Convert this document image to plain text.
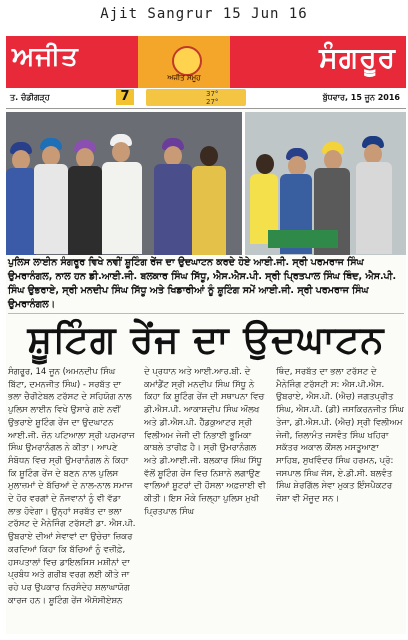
Ajit Sangrur 15 Jun 16
ਅਜੀਤ
ਅਜੀਤ ਸਮੂਹ
ਸੰਗਰੂਰ
ਤ. ਚੰਡੀਗੜ੍ਹ	7	37°
27°	ਬੁੱਧਵਾਰ, 15 ਜੂਨ 2016
ਪੁਲਿਸ ਲਾਈਨ ਸੰਗਰੂਰ ਵਿਖੇ ਨਵੀਂ ਸ਼ੂਟਿੰਗ ਰੇਂਜ ਦਾ ਉਦਘਾਟਨ ਕਰਦੇ ਹੋਏ ਆਈ.ਜੀ. ਸ੍ਰੀ ਪਰਮਰਾਜ ਸਿੰਘ ਉਮਰਾਨੰਗਲ, ਨਾਲ ਹਨ ਡੀ.ਆਈ.ਜੀ. ਬਲਕਾਰ ਸਿੰਘ ਸਿੱਧੂ, ਐਸ.ਐਸ.ਪੀ. ਸ੍ਰੀ ਪ੍ਰਿਤਪਾਲ ਸਿੰਘ ਥਿੰਦ, ਐਸ.ਪੀ. ਸਿੰਘ ਉਭਰਾਏ, ਸ੍ਰੀ ਮਨਦੀਪ ਸਿੰਘ ਸਿੱਧੂ ਅਤੇ ਖਿਡਾਰੀਆਂ ਨੂੰ ਸ਼ੂਟਿੰਗ ਸਮੇਂ ਆਈ.ਜੀ. ਸ੍ਰੀ ਪਰਮਰਾਜ ਸਿੰਘ ਉਮਰਾਨੰਗਲ।
ਸ਼ੂਟਿੰਗ ਰੇਂਜ ਦਾ ਉਦਘਾਟਨ
ਸੰਗਰੂਰ, 14 ਜੂਨ (ਅਮਨਦੀਪ ਸਿੰਘ ਬਿੱਟਾ, ਦਮਨਜੀਤ ਸਿੰਘ) - ਸਰਬੱਤ ਦਾ ਭਲਾ ਚੈਰੀਟੇਬਲ ਟਰੱਸਟ ਦੇ ਸਹਿਯੋਗ ਨਾਲ ਪੁਲਿਸ ਲਾਈਨ ਵਿਖੇ ਉਸਾਰੇ ਗਏ ਨਵੀਂ ਉਭਰਾਏ ਸ਼ੂਟਿੰਗ ਰੇਂਜ ਦਾ ਉਦਘਾਟਨ ਆਈ.ਜੀ. ਜ਼ੋਨ ਪਟਿਆਲਾ ਸ੍ਰੀ ਪਰਮਰਾਜ ਸਿੰਘ ਉਮਰਾਨੰਗਲ ਨੇ ਕੀਤਾ। ਆਪਣੇ ਸੰਬੋਧਨ ਵਿਚ ਸ੍ਰੀ ਉਮਰਾਨੰਗਲ ਨੇ ਕਿਹਾ ਕਿ ਸ਼ੂਟਿੰਗ ਰੇਂਜ ਦੇ ਬਣਨ ਨਾਲ ਪੁਲਿਸ ਮੁਲਾਜ਼ਮਾਂ ਦੇ ਬੱਚਿਆਂ ਦੇ ਨਾਲ-ਨਾਲ ਸਮਾਜ ਦੇ ਹੋਰ ਵਰਗਾਂ ਦੇ ਨੌਜਵਾਨਾਂ ਨੂੰ ਵੀ ਵੱਡਾ ਲਾਭ ਹੋਵੇਗਾ। ਉਨ੍ਹਾਂ ਸਰਬੱਤ ਦਾ ਭਲਾ ਟਰੱਸਟ ਦੇ ਮੈਨੇਜਿੰਗ ਟਰੱਸਟੀ ਡਾ. ਐਸ.ਪੀ. ਉਬਰਾਏ ਦੀਆਂ ਸੇਵਾਵਾਂ ਦਾ ਉਚੇਚਾ ਜ਼ਿਕਰ ਕਰਦਿਆਂ ਕਿਹਾ ਕਿ ਬੱਚਿਆਂ ਨੂੰ ਵਜ਼ੀਫ਼ੇ, ਹਸਪਤਾਲਾਂ ਵਿਚ ਡਾਇਲਸਿਸ ਮਸ਼ੀਨਾਂ ਦਾ ਪ੍ਰਬੰਧ ਅਤੇ ਗਰੀਬ ਵਰਗ ਲਈ ਕੀਤੇ ਜਾ ਰਹੇ ਪਰ ਉਪਕਾਰ ਨਿਰਸੰਦੇਹ ਸ਼ਲਾਘਾਯੋਗ ਕਾਰਜ ਹਨ। ਸ਼ੂਟਿੰਗ ਰੇਂਜ ਐਸੋਸੀਏਸ਼ਨ
ਦੇ ਪ੍ਰਧਾਨ ਅਤੇ ਆਈ.ਆਰ.ਬੀ. ਦੇ ਕਮਾਂਡੈਂਟ ਸ੍ਰੀ ਮਨਦੀਪ ਸਿੰਘ ਸਿੱਧੂ ਨੇ ਕਿਹਾ ਕਿ ਸ਼ੂਟਿੰਗ ਰੇਂਜ ਦੀ ਸਥਾਪਨਾ ਵਿਚ ਡੀ.ਐਸ.ਪੀ. ਆਕਾਸ਼ਦੀਪ ਸਿੰਘ ਔਲਖ ਅਤੇ ਡੀ.ਐਸ.ਪੀ. ਹੈੱਡਕੁਆਟਰ ਸ੍ਰੀ ਵਿਲੀਅਮ ਜੇਜੀ ਦੀ ਨਿਭਾਈ ਭੂਮਿਕਾ ਕਾਬਲੇ ਤਾਰੀਫ਼ ਹੈ। ਸ੍ਰੀ ਉਮਰਾਨੰਗਲ ਅਤੇ ਡੀ.ਆਈ.ਜੀ. ਬਲਕਾਰ ਸਿੰਘ ਸਿੱਧੂ ਵੱਲੋਂ ਸ਼ੂਟਿੰਗ ਰੇਂਜ ਵਿਚ ਨਿਸ਼ਾਨੇ ਲਗਾਉਣ ਵਾਲਿਆਂ ਸ਼ੂਟਰਾਂ ਦੀ ਹੌਸਲਾ ਅਫ਼ਜ਼ਾਈ ਵੀ ਕੀਤੀ। ਇਸ ਮੌਕੇ ਜ਼ਿਲ੍ਹਾ ਪੁਲਿਸ ਮੁਖੀ ਪ੍ਰਿਤਪਾਲ ਸਿੰਘ
ਥਿੰਦ, ਸਰਬੱਤ ਦਾ ਭਲਾ ਟਰੱਸਟ ਦੇ ਮੈਨੇਜਿੰਗ ਟਰੱਸਟੀ ਸ: ਐਸ.ਪੀ.ਐਸ. ਉਬਰਾਏ, ਐਸ.ਪੀ. (ਐਚ) ਜਗਤਪ੍ਰੀਤ ਸਿੰਘ, ਐਸ.ਪੀ. (ਡੀ) ਜਸਕਿਰਨਜੀਤ ਸਿੰਘ ਤੇਜਾ, ਡੀ.ਐਸ.ਪੀ. (ਐਚ) ਸ੍ਰੀ ਵਿਲੀਅਮ ਜੇਜੀ, ਜ਼ਿਲਾਮੰਤ ਜਸਵੰਤ ਸਿੰਘ ਖਹਿਰਾ ਸਕੱਤਰ ਅਕਾਲ ਕੌਂਸਲ ਮਸਤੂਆਣਾ ਸਾਹਿਬ, ਸੁਖਵਿੰਦਰ ਸਿੰਘ ਹਰਮਨ, ਪ੍ਰੋ: ਜਸਪਾਲ ਸਿੰਘ ਜੱਸ, ਏ.ਡੀ.ਸੀ. ਬਲਵੰਤ ਸਿੰਘ ਸ਼ੇਰਗਿੱਲ ਸੇਵਾ ਮੁਕਤ ਇੰਸਪੈਕਟਰ ਜੋਸ਼ਾ ਵੀ ਮੌਜੂਦ ਸਨ।
